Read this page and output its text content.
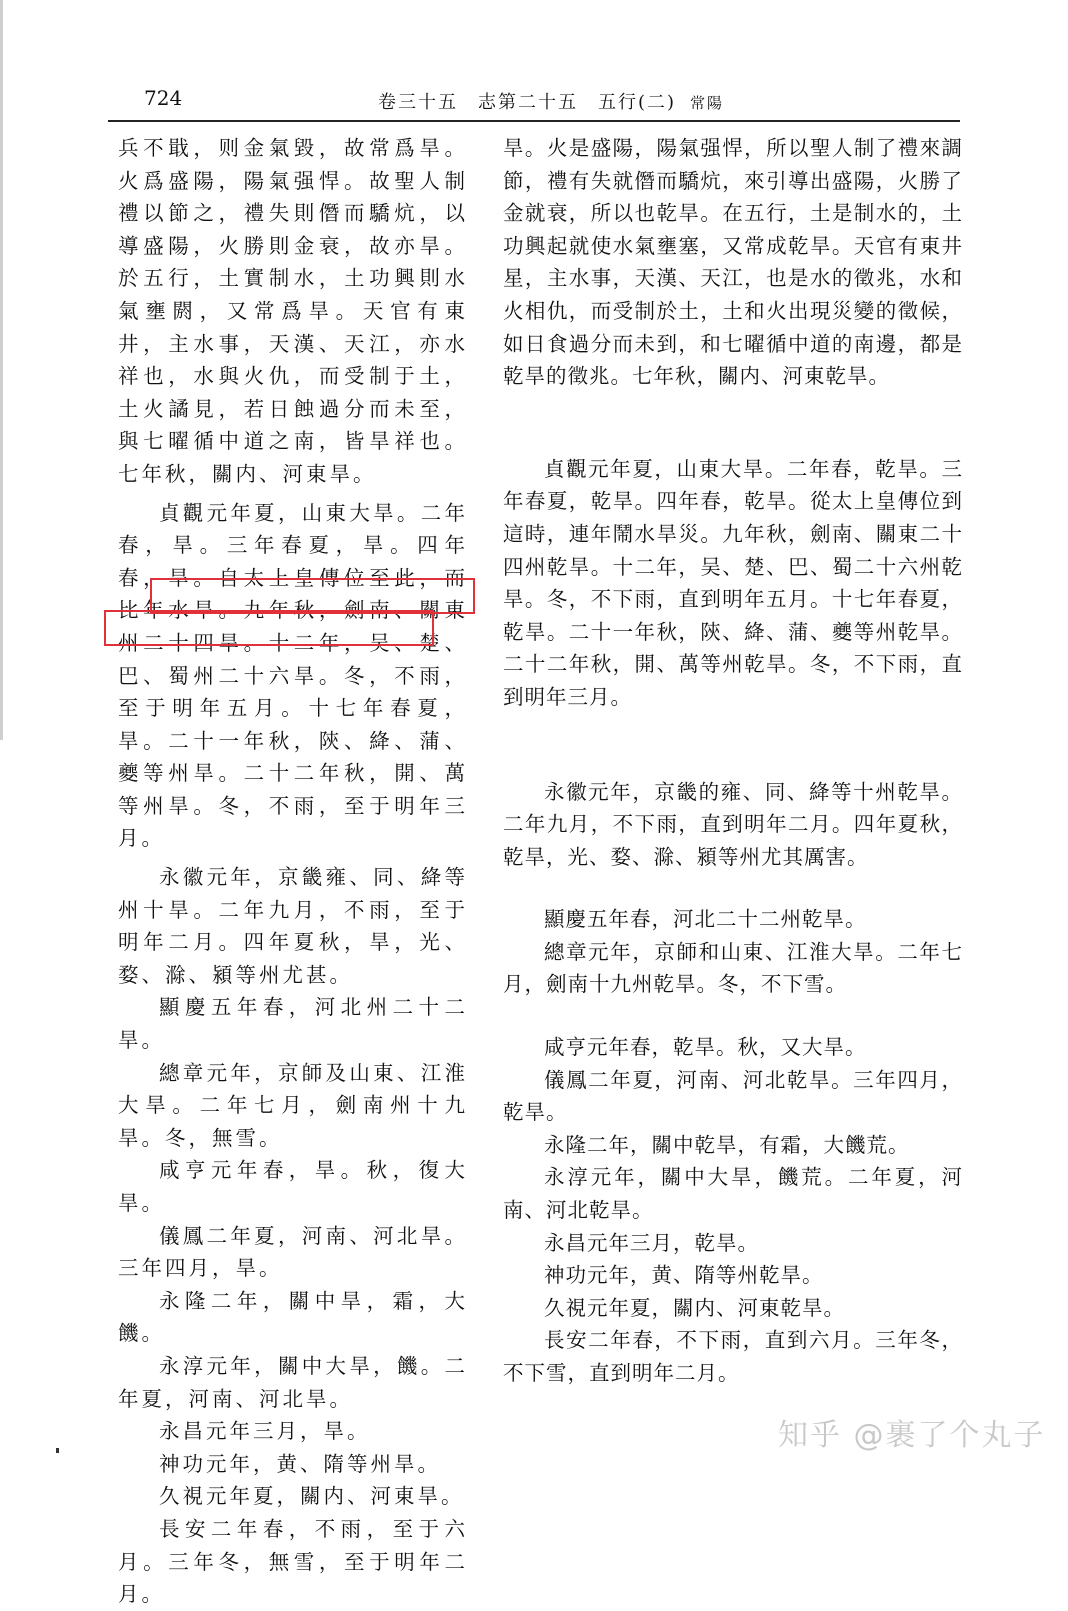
724	卷三十五　志第二十五　五行(二) 常陽

兵不戢，则金氣毀，故常爲旱。火爲盛陽，陽氣强悍。故聖人制禮以節之，禮失則僭而驕炕，以導盛陽，火勝則金衰，故亦旱。於五行，土實制水，土功興則水氣壅閼，又常爲旱。天官有東井，主水事，天漢、天江，亦水祥也，水與火仇，而受制于土，土火譎見，若日蝕過分而未至，與七曜循中道之南，皆旱祥也。七年秋，關内、河東旱。

貞觀元年夏，山東大旱。二年春，旱。三年春夏，旱。四年春，旱。自太上皇傳位至此，而比年水旱。九年秋，劍南、關東州二十四旱。十二年，吴、楚、巴、蜀州二十六旱。冬，不雨，至于明年五月。十七年春夏，旱。二十一年秋，陝、絳、蒲、夔等州旱。二十二年秋，開、萬等州旱。冬，不雨，至于明年三月。

永徽元年，京畿雍、同、絳等州十旱。二年九月，不雨，至于明年二月。四年夏秋，旱，光、婺、滁、潁等州尤甚。

顯慶五年春，河北州二十二旱。

總章元年，京師及山東、江淮大旱。二年七月，劍南州十九旱。冬，無雪。

咸亨元年春，旱。秋，復大旱。

儀鳳二年夏，河南、河北旱。三年四月，旱。

永隆二年，關中旱，霜，大饑。

永淳元年，關中大旱，饑。二年夏，河南、河北旱。

永昌元年三月，旱。

神功元年，黄、隋等州旱。

久視元年夏，關内、河東旱。

長安二年春，不雨，至于六月。三年冬，無雪，至于明年二月。

旱。火是盛陽，陽氣强悍，所以聖人制了禮來調節，禮有失就僭而驕炕，來引導出盛陽，火勝了金就衰，所以也乾旱。在五行，土是制水的，土功興起就使水氣壅塞，又常成乾旱。天官有東井星，主水事，天漢、天江，也是水的徵兆，水和火相仇，而受制於土，土和火出現災變的徵候，如日食過分而未到，和七曜循中道的南邊，都是乾旱的徵兆。七年秋，關内、河東乾旱。

貞觀元年夏，山東大旱。二年春，乾旱。三年春夏，乾旱。四年春，乾旱。從太上皇傳位到這時，連年鬧水旱災。九年秋，劍南、關東二十四州乾旱。十二年，吴、楚、巴、蜀二十六州乾旱。冬，不下雨，直到明年五月。十七年春夏，乾旱。二十一年秋，陝、絳、蒲、夔等州乾旱。二十二年秋，開、萬等州乾旱。冬，不下雨，直到明年三月。

永徽元年，京畿的雍、同、絳等十州乾旱。二年九月，不下雨，直到明年二月。四年夏秋，乾旱，光、婺、滁、潁等州尤其厲害。

顯慶五年春，河北二十二州乾旱。

總章元年，京師和山東、江淮大旱。二年七月，劍南十九州乾旱。冬，不下雪。

咸亨元年春，乾旱。秋，又大旱。

儀鳳二年夏，河南、河北乾旱。三年四月，乾旱。

永隆二年，關中乾旱，有霜，大饑荒。

永淳元年，關中大旱，饑荒。二年夏，河南、河北乾旱。

永昌元年三月，乾旱。

神功元年，黄、隋等州乾旱。

久視元年夏，關内、河東乾旱。

長安二年春，不下雨，直到六月。三年冬，不下雪，直到明年二月。

知乎 @裹了个丸子
